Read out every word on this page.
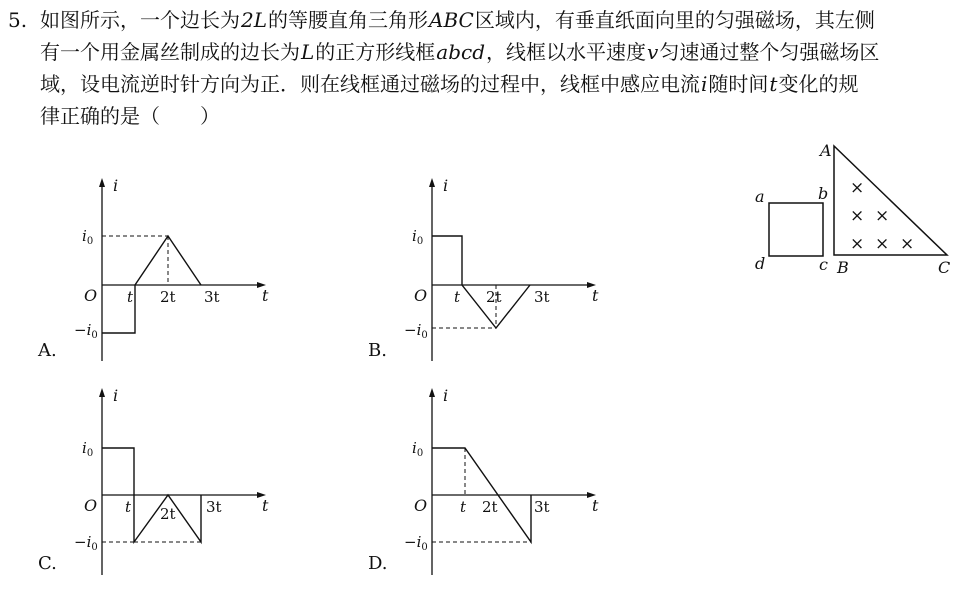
5. 如图所示，一个边长为2L的等腰直角三角形ABC区域内，有垂直纸面向里的匀强磁场，其左侧
有一个用金属丝制成的边长为L的正方形线框abcd，线框以水平速度v匀速通过整个匀强磁场区
域，设电流逆时针方向为正．则在线框通过磁场的过程中，线框中感应电流i随时间t变化的规
律正确的是（　　）
A
B	C
a	b
c
d
×
× ×
× × ×
i
t
O
$i_0$
$-i_0$
t 2t 3t
A.
i
t
O
$i_0$
$-i_0$
t 2t 3t
B.
i
t
O
$i_0$
$-i_0$
t 2t 3t
C.
i
t
O
$i_0$
$-i_0$
t 2t 3t
D.
